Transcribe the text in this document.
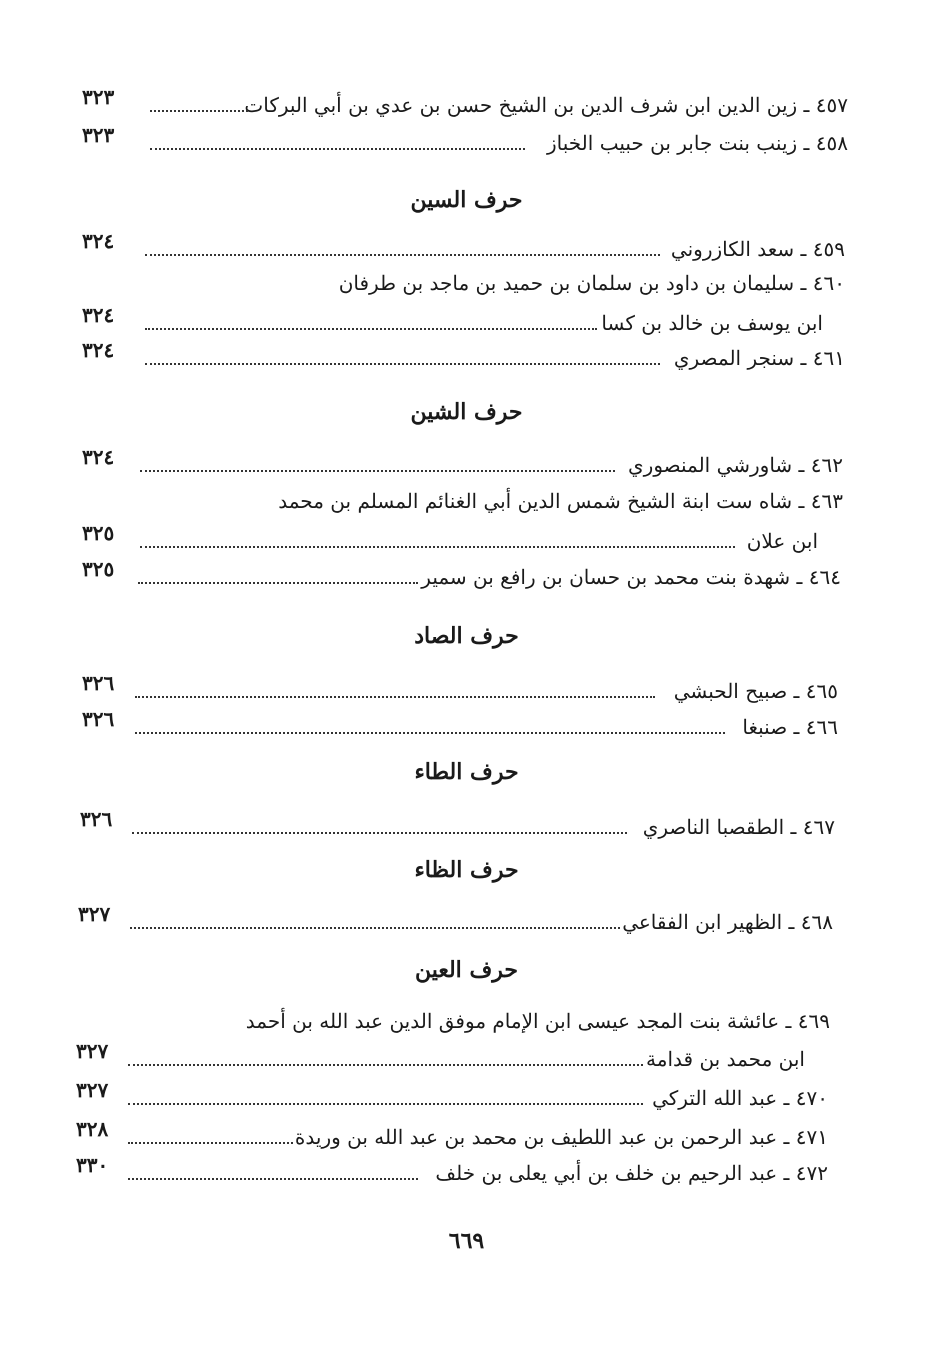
٤٥٧ ـ زين الدين ابن شرف الدين بن الشيخ حسن بن عدي بن أبي البركات
٣٢٣
٤٥٨ ـ زينب بنت جابر بن حبيب الخباز
٣٢٣
حرف السين
٤٥٩ ـ سعد الكازروني
٣٢٤
٤٦٠ ـ سليمان بن داود بن سلمان بن حميد بن ماجد بن طرفان
ابن يوسف بن خالد بن كسا
٣٢٤
٤٦١ ـ سنجر المصري
٣٢٤
حرف الشين
٤٦٢ ـ شاورشي المنصوري
٣٢٤
٤٦٣ ـ شاه ست ابنة الشيخ شمس الدين أبي الغنائم المسلم بن محمد
ابن علان
٣٢٥
٤٦٤ ـ شهدة بنت محمد بن حسان بن رافع بن سمير
٣٢٥
حرف الصاد
٤٦٥ ـ صبيح الحبشي
٣٢٦
٤٦٦ ـ صنبغا
٣٢٦
حرف الطاء
٤٦٧ ـ الطقصبا الناصري
٣٢٦
حرف الظاء
٤٦٨ ـ الظهير ابن الفقاعي
٣٢٧
حرف العين
٤٦٩ ـ عائشة بنت المجد عيسى ابن الإمام موفق الدين عبد الله بن أحمد
ابن محمد بن قدامة
٣٢٧
٤٧٠ ـ عبد الله التركي
٣٢٧
٤٧١ ـ عبد الرحمن بن عبد اللطيف بن محمد بن عبد الله بن وريدة
٣٢٨
٤٧٢ ـ عبد الرحيم بن خلف بن أبي يعلى بن خلف
٣٣٠
٦٦٩
